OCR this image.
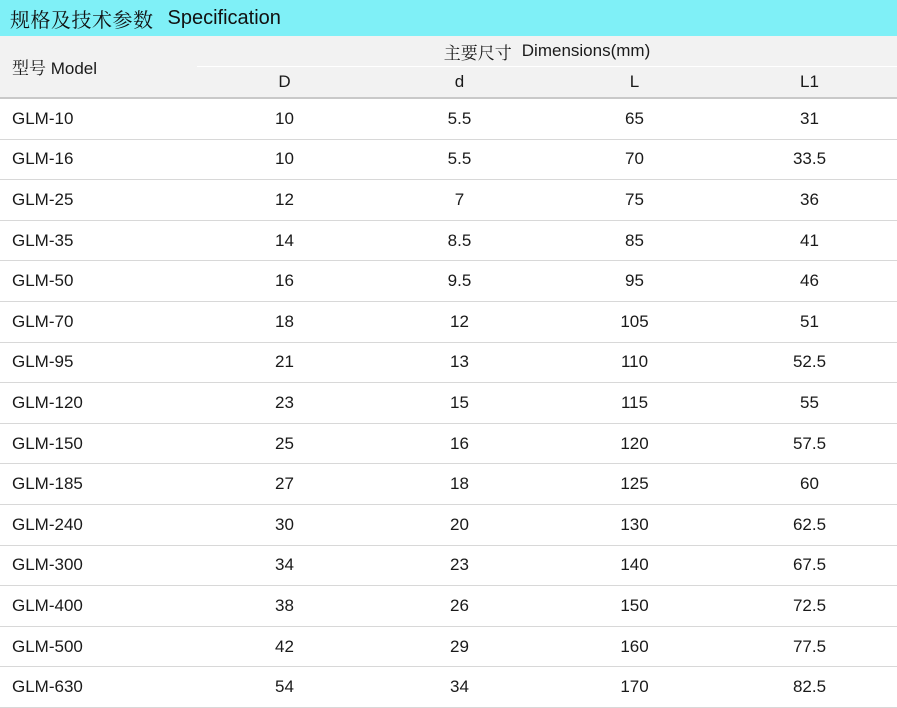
规格及技术参数 Specification
型号 Model	主要尺寸 Dimensions(mm)			

	D	d	L	L1
GLM-10	10	5.5	65	31
GLM-16	10	5.5	70	33.5
GLM-25	12	7	75	36
GLM-35	14	8.5	85	41
GLM-50	16	9.5	95	46
GLM-70	18	12	105	51
GLM-95	21	13	110	52.5
GLM-120	23	15	115	55
GLM-150	25	16	120	57.5
GLM-185	27	18	125	60
GLM-240	30	20	130	62.5
GLM-300	34	23	140	67.5
GLM-400	38	26	150	72.5
GLM-500	42	29	160	77.5
GLM-630	54	34	170	82.5
